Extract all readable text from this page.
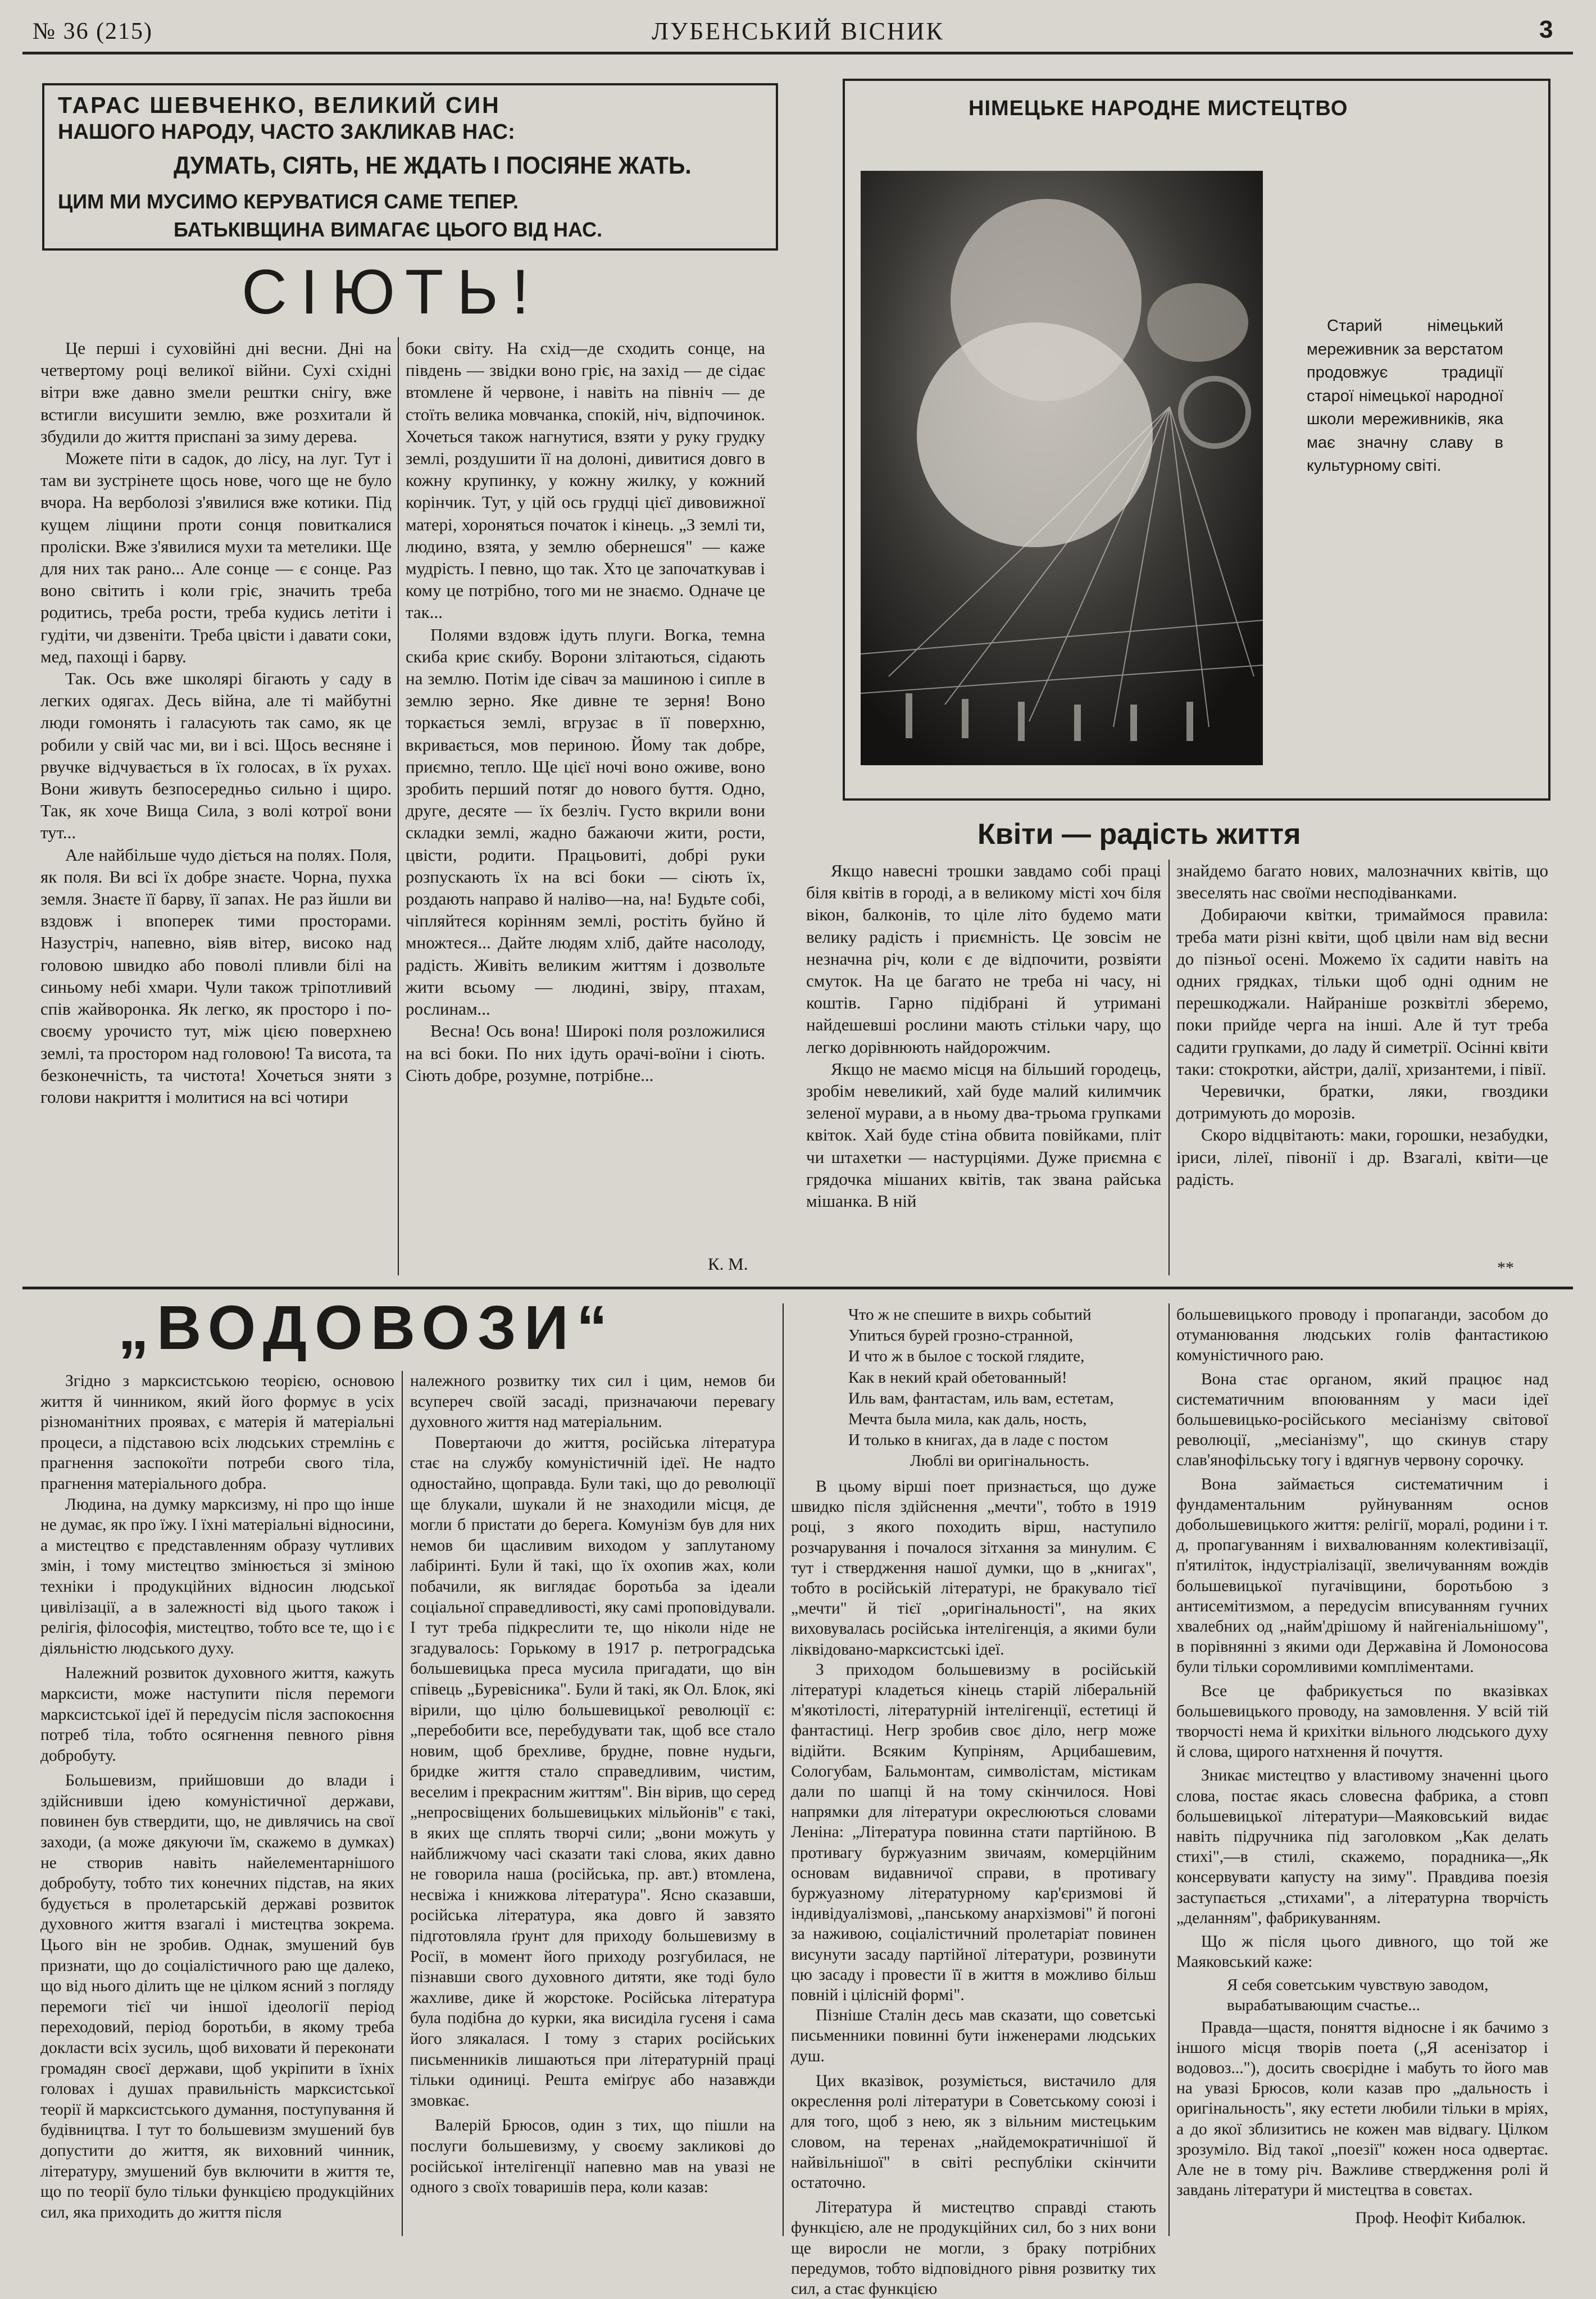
№ 36 (215)	ЛУБЕНСЬКИЙ ВІСНИК	3
ТАРАС ШЕВЧЕНКО, ВЕЛИКИЙ СИН
НАШОГО НАРОДУ, ЧАСТО ЗАКЛИКАВ НАС:
ДУМАТЬ, СІЯТЬ, НЕ ЖДАТЬ І ПОСІЯНЕ ЖАТЬ.
ЦИМ МИ МУСИМО КЕРУВАТИСЯ САМЕ ТЕПЕР.
БАТЬКІВЩИНА ВИМАГАЄ ЦЬОГО ВІД НАС.
СІЮТЬ!

Це перші і суховійні дні весни. Дні на четвертому році великої війни. Сухі східні вітри вже давно змели рештки снігу, вже встигли висушити землю, вже розхитали й збудили до життя приспані за зиму дерева.

Можете піти в садок, до лісу, на луг. Тут і там ви зустрінете щось нове, чого ще не було вчора. На верболозі з'явилися вже котики. Під кущем ліщини проти сонця повиткалися проліски. Вже з'явилися мухи та метелики. Ще для них так рано... Але сонце — є сонце. Раз воно світить і коли гріє, значить треба родитись, треба рости, треба кудись летіти і гудіти, чи дзвеніти. Треба цвісти і давати соки, мед, пахощі і барву.

Так. Ось вже школярі бігають у саду в легких одягах. Десь війна, але ті майбутні люди гомонять і галасують так само, як це робили у свій час ми, ви і всі. Щось весняне і рвучке відчувається в їх голосах, в їх рухах. Вони живуть безпосередньо сильно і щиро. Так, як хоче Вища Сила, з волі котрої вони тут...

Але найбільше чудо діється на полях. Поля, як поля. Ви всі їх добре знаєте. Чорна, пухка земля. Знаєте її барву, її запах. Не раз йшли ви вздовж і впоперек тими просторами. Назустріч, напевно, віяв вітер, високо над головою швидко або поволі пливли білі на синьому небі хмари. Чули також тріпотливий спів жайворонка. Як легко, як просторо і по-своєму урочисто тут, між цією поверхнею землі, та простором над головою! Та висота, та безконечність, та чистота! Хочеться зняти з голови накриття і молитися на всі чотири

боки світу. На схід—де сходить сонце, на південь — звідки воно гріє, на захід — де сідає втомлене й червоне, і навіть на північ — де стоїть велика мовчанка, спокій, ніч, відпочинок. Хочеться також нагнутися, взяти у руку грудку землі, роздушити її на долоні, дивитися довго в кожну крупинку, у кожну жилку, у кожний корінчик. Тут, у цій ось грудці цієї дивовижної матері, хороняться початок і кінець. „З землі ти, людино, взята, у землю обернешся" — каже мудрість. І певно, що так. Хто це започаткував і кому це потрібно, того ми не знаємо. Одначе це так...

Полями вздовж ідуть плуги. Вогка, темна скиба криє скибу. Ворони злітаються, сідають на землю. Потім іде сівач за машиною і сипле в землю зерно. Яке дивне те зерня! Воно торкається землі, вгрузає в її поверхню, вкривається, мов периною. Йому так добре, приємно, тепло. Ще цієї ночі воно оживе, воно зробить перший потяг до нового буття. Одно, друге, десяте — їх безліч. Густо вкрили вони складки землі, жадно бажаючи жити, рости, цвісти, родити. Працьовиті, добрі руки розпускають їх на всі боки — сіють їх, роздають направо й наліво—на, на! Будьте собі, чіпляйтеся корінням землі, ростіть буйно й множтеся... Дайте людям хліб, дайте насолоду, радість. Живіть великим життям і дозвольте жити всьому — людині, звіру, птахам, рослинам...

Весна! Ось вона! Широкі поля розложилися на всі боки. По них ідуть орачі-воїни і сіють. Сіють добре, розумне, потрібне...

К. М.
НІМЕЦЬКЕ НАРОДНЕ МИСТЕЦТВО
Старий німецький мереживник за верстатом продовжує традиції старої німецької народної школи мереживників, яка має значну славу в культурному світі.
Квіти — радість життя

Якщо навесні трошки завдамо собі праці біля квітів в городі, а в великому місті хоч біля вікон, балконів, то ціле літо будемо мати велику радість і приємність. Це зовсім не незначна річ, коли є де відпочити, розвіяти смуток. На це багато не треба ні часу, ні коштів. Гарно підібрані й утримані найдешевші рослини мають стільки чару, що легко дорівнюють найдорожчим.

Якщо не маємо місця на більший городець, зробім невеликий, хай буде малий килимчик зеленої мурави, а в ньому два-трьома групками квіток. Хай буде стіна обвита повійками, пліт чи штахетки — настурціями. Дуже приємна є грядочка мішаних квітів, так звана райська мішанка. В ній

знайдемо багато нових, малозначних квітів, що звеселять нас своїми несподіванками.

Добираючи квітки, тримаймося правила: треба мати різні квіти, щоб цвіли нам від весни до пізньої осені. Можемо їх садити навіть на одних грядках, тільки щоб одні одним не перешкоджали. Найраніше розквітлі зберемо, поки прийде черга на інші. Але й тут треба садити групками, до ладу й симетрії. Осінні квіти таки: стокротки, айстри, далії, хризантеми, і півії.

Черевички, братки, ляки, гвоздики дотримують до морозів.

Скоро відцвітають: маки, горошки, незабудки, іриси, лілеї, півонії і др. Взагалі, квіти—це радість.

**
„ВОДОВОЗИ“

Згідно з марксистською теорією, основою життя й чинником, який його формує в усіх різноманітних проявах, є матерія й матеріальні процеси, а підставою всіх людських стремлінь є прагнення заспокоїти потреби свого тіла, прагнення матеріального добра.

Людина, на думку марксизму, ні про що інше не думає, як про їжу. І їхні матеріальні відносини, а мистецтво є представленням образу чутливих змін, і тому мистецтво змінюється зі зміною техніки і продукційних відносин людської цивілізації, а в залежності від цього також і релігія, філософія, мистецтво, тобто все те, що і є діяльністю людського духу.

Належний розвиток духовного життя, кажуть марксисти, може наступити після перемоги марксистської ідеї й передусім після заспокоєння потреб тіла, тобто осягнення певного рівня добробуту.

Большевизм, прийшовши до влади і здійснивши ідею комуністичної держави, повинен був ствердити, що, не дивлячись на свої заходи, (а може дякуючи їм, скажемо в думках) не створив навіть найелементарнішого добробуту, тобто тих конечних підстав, на яких будується в пролетарській державі розвиток духовного життя взагалі і мистецтва зокрема. Цього він не зробив. Однак, змушений був признати, що до соціалістичного раю ще далеко, що від нього ділить ще не цілком ясний з погляду перемоги тієї чи іншої ідеології період переходовий, період боротьби, в якому треба докласти всіх зусиль, щоб виховати й переконати громадян своєї держави, щоб укріпити в їхніх головах і душах правильність марксистської теорії й марксистського думання, поступування й будівництва. І тут то большевизм змушений був допустити до життя, як виховний чинник, літературу, змушений був включити в життя те, що по теорії було тільки функцією продукційних сил, яка приходить до життя після

належного розвитку тих сил і цим, немов би всупереч своїй засаді, призначаючи перевагу духовного життя над матеріальним.

Повертаючи до життя, російська література стає на службу комуністичній ідеї. Не надто одностайно, щоправда. Були такі, що до революції ще блукали, шукали й не знаходили місця, де могли б пристати до берега. Комунізм був для них немов би щасливим виходом у заплутаному лабіринті. Були й такі, що їх охопив жах, коли побачили, як виглядає боротьба за ідеали соціальної справедливості, яку самі проповідували. І тут треба підкреслити те, що ніколи ніде не згадувалось: Горькому в 1917 р. петроградська большевицька преса мусила пригадати, що він співець „Буревісника". Були й такі, як Ол. Блок, які вірили, що цілю большевицької революції є: „перебобити все, перебудувати так, щоб все стало новим, щоб брехливе, брудне, повне нудьги, бридке життя стало справедливим, чистим, веселим і прекрасним життям". Він вірив, що серед „непросвіщених большевицьких мільйонів" є такі, в яких ще сплять творчі сили; „вони можуть у найближчому часі сказати такі слова, яких давно не говорила наша (російська, пр. авт.) втомлена, несвіжа і книжкова література". Ясно сказавши, російська література, яка довго й завзято підготовляла ґрунт для приходу большевизму в Росії, в момент його приходу розгубилася, не пізнавши свого духовного дитяти, яке тоді було жахливе, дике й жорстоке. Російська література була подібна до курки, яка висиділа гусеня і сама його злякалася. І тому з старих російських письменників лишаються при літературній праці тільки одиниці. Решта еміґрує або назавжди змовкає.

Валерій Брюсов, один з тих, що пішли на послуги большевизму, у своєму закликові до російської інтелігенції напевно мав на увазі не одного з своїх товаришів пера, коли казав:

Что ж не спешите в вихрь событий
Упиться бурей грозно-странной,
И что ж в былое с тоской глядите,
Как в некий край обетованный!
Иль вам, фантастам, иль вам, естетам,
Мечта была мила, как даль, ность,
И только в книгах, да в ладе с постом
Люблі ви оригінальность.

В цьому вірші поет признається, що дуже швидко після здійснення „мечти", тобто в 1919 році, з якого походить вірш, наступило розчарування і почалося зітхання за минулим. Є тут і ствердження нашої думки, що в „книгах", тобто в російській літературі, не бракувало тієї „мечти" й тієї „оригінальності", на яких виховувалась російська інтелігенція, а якими були ліквідовано-марксистські ідеї.

З приходом большевизму в російській літературі кладеться кінець старій ліберальній м'якотілості, літературній інтелігенції, естетиці й фантастиці. Негр зробив своє діло, негр може відійти. Всяким Купріням, Арцибашевим, Сологубам, Бальмонтам, символістам, містикам дали по шапці й на тому скінчилося. Нові напрямки для літератури окреслюються словами Леніна: „Література повинна стати партійною. В противагу буржуазним звичаям, комерційним основам видавничої справи, в противагу буржуазному літературному кар'єризмові й індивідуалізмові, „панському анархізмові" й погоні за наживою, соціалістичний пролетаріат повинен висунути засаду партійної літератури, розвинути цю засаду і провести її в життя в можливо більш повній і цілісній формі".

Пізніше Сталін десь мав сказати, що советські письменники повинні бути інженерами людських душ.

Цих вказівок, розуміється, вистачило для окреслення ролі літератури в Советському союзі і для того, щоб з нею, як з вільним мистецьким словом, на теренах „найдемократичнішої й найвільнішої" в світі республіки скінчити остаточно.

Література й мистецтво справді стають функцією, але не продукційних сил, бо з них вони ще виросли не могли, з браку потрібних передумов, тобто відповідного рівня розвитку тих сил, а стає функцією

большевицького проводу і пропаганди, засобом до отуманювання людських голів фантастикою комуністичного раю.

Вона стає органом, який працює над систематичним впоюванням у маси ідеї большевицько-російського месіанізму світової революції, „месіанізму", що скинув стару слав'янофільську тогу і вдягнув червону сорочку.

Вона займається систематичним і фундаментальним руйнуванням основ добольшевицького життя: релігії, моралі, родини і т. д, пропагуванням і вихвалюванням колективізації, п'ятиліток, індустріалізації, звеличуванням вождів большевицької пугачівщини, боротьбою з антисемітизмом, а передусім вписуванням гучних хвалебних од „найм'дрішому й найгеніальнішому", в порівнянні з якими оди Державіна й Ломоносова були тільки соромливими компліментами.

Все це фабрикується по вказівках большевицького проводу, на замовлення. У всій тій творчості нема й крихітки вільного людського духу й слова, щирого натхнення й почуття.

Зникає мистецтво у властивому значенні цього слова, постає якась словесна фабрика, а стовп большевицької літератури—Маяковський видає навіть підручника під заголовком „Как делать стихі",—в стилі, скажемо, порадника—„Як консервувати капусту на зиму". Правдива поезія заступається „стихами", а літературна творчість „деланням", фабрикуванням.

Що ж після цього дивного, що той же Маяковський каже:

Я себя советським чувствую заводом,
вырабатывающим счастье...

Правда—щастя, поняття відносне і як бачимо з іншого місця творів поета („Я асенізатор і водовоз..."), досить своєрідне і мабуть то його мав на увазі Брюсов, коли казав про „дальность і оригінальность", яку естети любили тільки в мріях, а до якої зблизитись не кожен мав відвагу. Цілком зрозуміло. Від такої „поезії" кожен носа одвертає. Але не в тому річ. Важливе ствердження ролі й завдань літератури й мистецтва в совєтах.

Проф. Неофіт Кибалюк.
